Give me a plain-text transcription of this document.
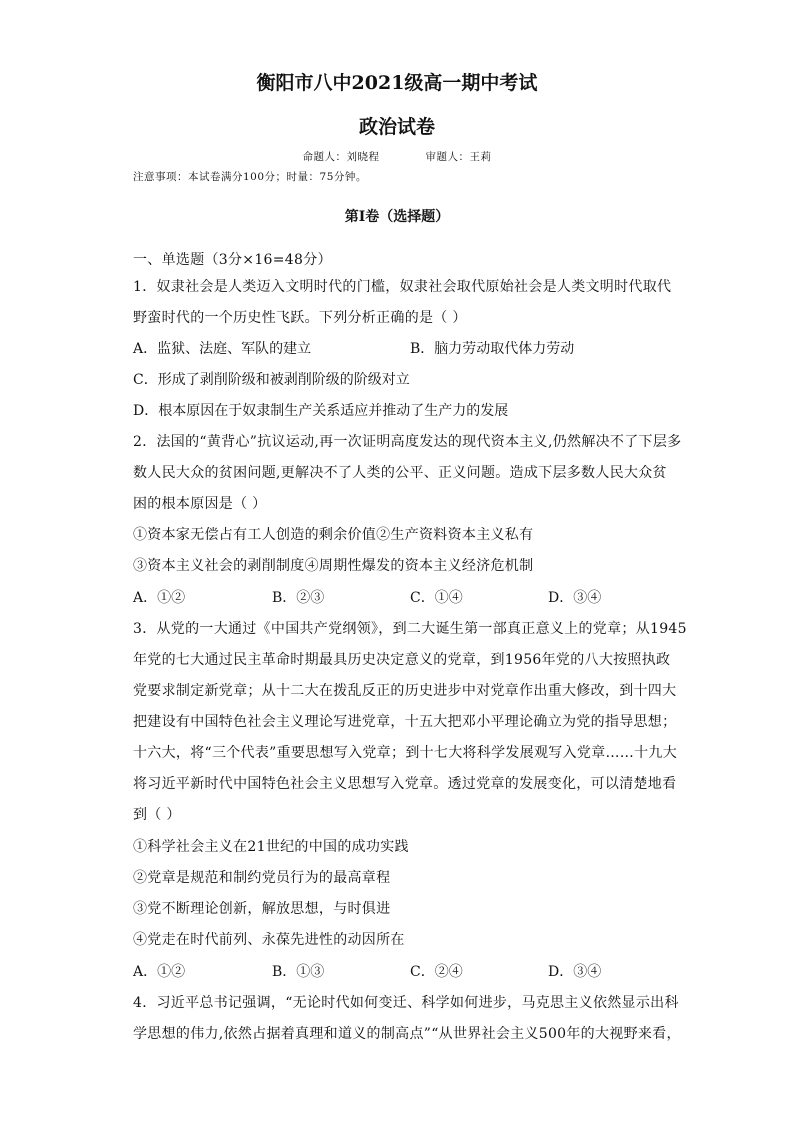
衡阳市八中2021级高一期中考试
政治试卷
命题人：刘晓程	审题人：王莉
注意事项：本试卷满分100分；时量：75分钟。
第I卷（选择题）
一、单选题（3分×16=48分）
1．奴隶社会是人类迈入文明时代的门槛，奴隶社会取代原始社会是人类文明时代取代
野蛮时代的一个历史性飞跃。下列分析正确的是（ ）
A．监狱、法庭、军队的建立	B．脑力劳动取代体力劳动
C．形成了剥削阶级和被剥削阶级的阶级对立
D．根本原因在于奴隶制生产关系适应并推动了生产力的发展
2．法国的“黄背心”抗议运动,再一次证明高度发达的现代资本主义,仍然解决不了下层多
数人民大众的贫困问题,更解决不了人类的公平、正义问题。造成下层多数人民大众贫
困的根本原因是（ ）
①资本家无偿占有工人创造的剩余价值②生产资料资本主义私有
③资本主义社会的剥削制度④周期性爆发的资本主义经济危机制
A．①②	B．②③	C．①④	D．③④
3．从党的一大通过《中国共产党纲领》，到二大诞生第一部真正意义上的党章；从1945
年党的七大通过民主革命时期最具历史决定意义的党章，到1956年党的八大按照执政
党要求制定新党章；从十二大在拨乱反正的历史进步中对党章作出重大修改，到十四大
把建设有中国特色社会主义理论写进党章，十五大把邓小平理论确立为党的指导思想；
十六大，将“三个代表”重要思想写入党章；到十七大将科学发展观写入党章……十九大
将习近平新时代中国特色社会主义思想写入党章。透过党章的发展变化，可以清楚地看
到（ ）
①科学社会主义在21世纪的中国的成功实践
②党章是规范和制约党员行为的最高章程
③党不断理论创新，解放思想，与时俱进
④党走在时代前列、永葆先进性的动因所在
A．①②	B．①③	C．②④	D．③④
4．习近平总书记强调，“无论时代如何变迁、科学如何进步，马克思主义依然显示出科
学思想的伟力,依然占据着真理和道义的制高点”“从世界社会主义500年的大视野来看，
